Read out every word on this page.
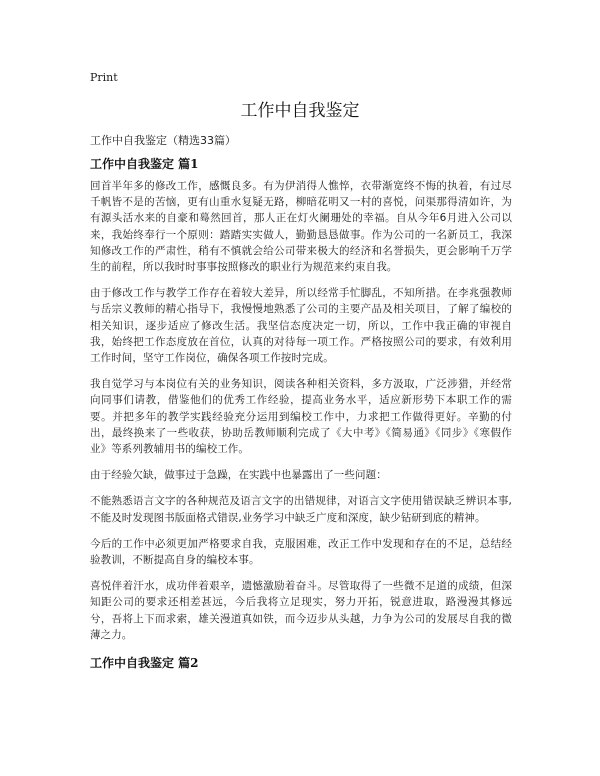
Print
工作中自我鉴定

工作中自我鉴定（精选33篇）

工作中自我鉴定 篇1

回首半年多的修改工作，感慨良多。有为伊消得人憔悴，衣带渐宽终不悔的执着，有过尽千帆皆不是的苦恼，更有山重水复疑无路，柳暗花明又一村的喜悦，问渠那得清如许，为有源头活水来的自豪和蓦然回首，那人正在灯火阑珊处的幸福。自从今年6月进入公司以来，我始终奉行一个原则：踏踏实实做人，勤勤恳恳做事。作为公司的一名新员工，我深知修改工作的严肃性，稍有不慎就会给公司带来极大的经济和名誉损失，更会影响千万学生的前程，所以我时时事事按照修改的职业行为规范来约束自我。

由于修改工作与教学工作存在着较大差异，所以经常手忙脚乱，不知所措。在李兆强教师与岳宗义教师的精心指导下，我慢慢地熟悉了公司的主要产品及相关项目，了解了编校的相关知识，逐步适应了修改生活。我坚信态度决定一切，所以，工作中我正确的审视自我，始终把工作态度放在首位，认真的对待每一项工作。严格按照公司的要求，有效利用工作时间，坚守工作岗位，确保各项工作按时完成。

我自觉学习与本岗位有关的业务知识，阅读各种相关资料，多方汲取，广泛涉猎，并经常向同事们请教，借鉴他们的优秀工作经验，提高业务水平，适应新形势下本职工作的需要。并把多年的教学实践经验充分运用到编校工作中，力求把工作做得更好。辛勤的付出，最终换来了一些收获，协助岳教师顺利完成了《大中考》《简易通》《同步》《寒假作业》等系列教辅用书的编校工作。

由于经验欠缺，做事过于急躁，在实践中也暴露出了一些问题：

不能熟悉语言文字的各种规范及语言文字的出错规律，对语言文字使用错误缺乏辨识本事,不能及时发现图书版面格式错误,业务学习中缺乏广度和深度，缺少钻研到底的精神。

今后的工作中必须更加严格要求自我，克服困难，改正工作中发现和存在的不足，总结经验教训，不断提高自身的编校本事。

喜悦伴着汗水，成功伴着艰辛，遗憾激励着奋斗。尽管取得了一些微不足道的成绩，但深知距公司的要求还相差甚远，今后我将立足现实，努力开拓，锐意进取，路漫漫其修远兮，吾将上下而求索，雄关漫道真如铁，而今迈步从头越，力争为公司的发展尽自我的微薄之力。

工作中自我鉴定 篇2
